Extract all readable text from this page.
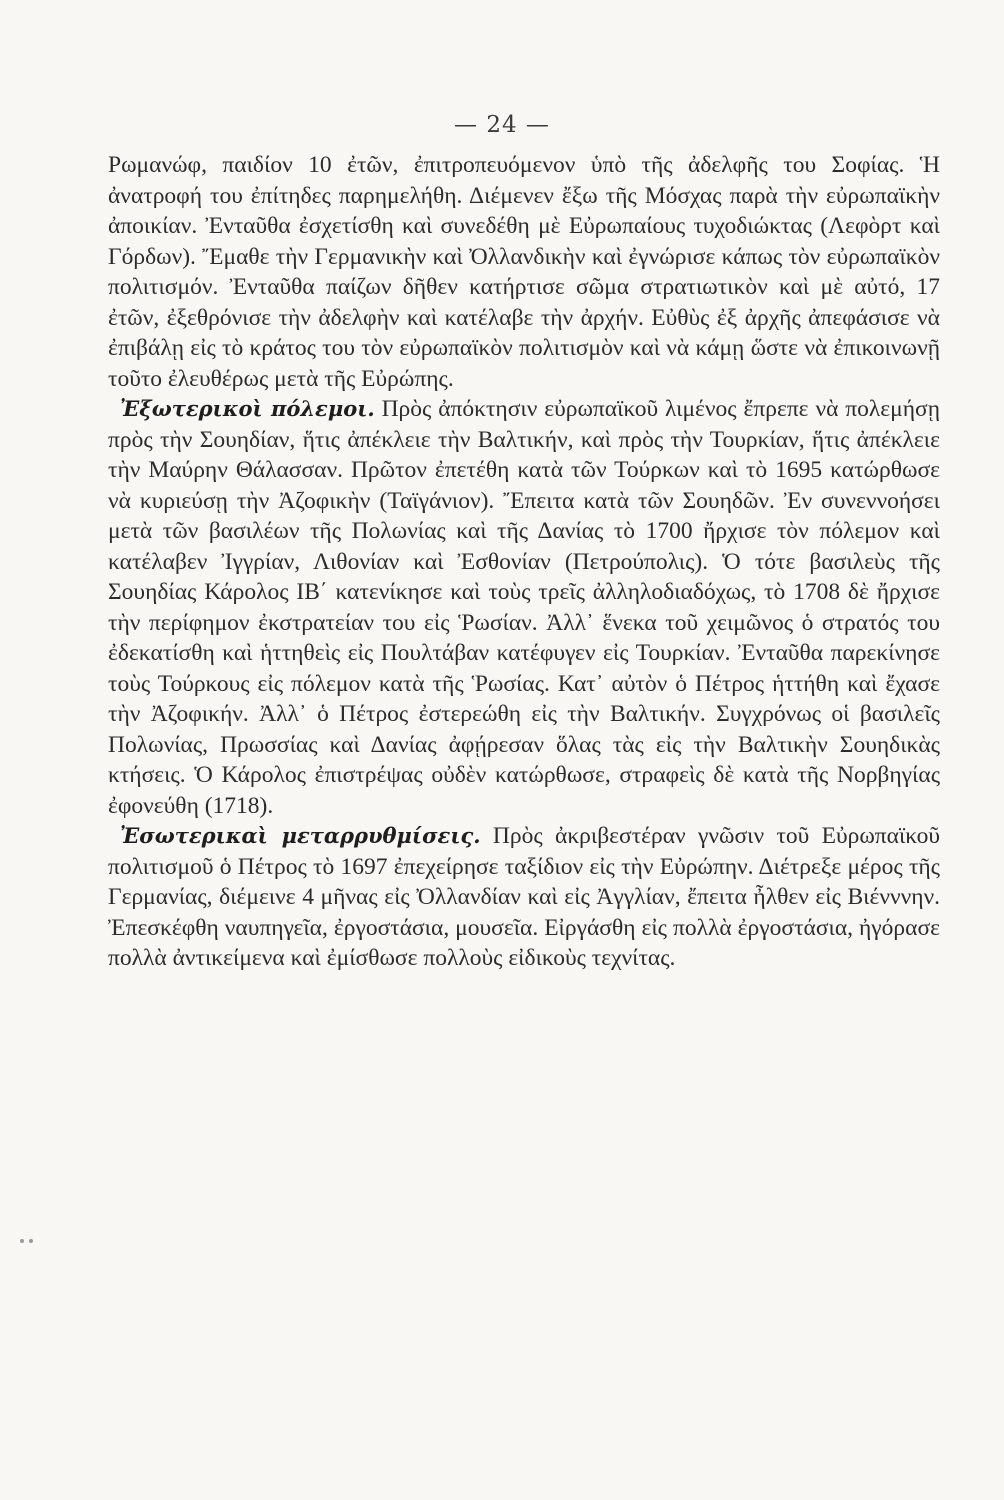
— 24 —

Ρωμανώφ, παιδίον 10 ἐτῶν, ἐπιτροπευόμενον ὑπὸ τῆς ἀδελφῆς του Σοφίας. Ἡ ἀνατροφή του ἐπίτηδες παρημελήθη. Διέμενεν ἔξω τῆς Μόσχας παρὰ τὴν εὐρωπαϊκὴν ἀποικίαν. Ἐνταῦθα ἐσχετίσθη καὶ συνεδέθη μὲ Εὐρωπαίους τυχοδιώκτας (Λεφὸρτ καὶ Γόρδων). Ἔμαθε τὴν Γερμανικὴν καὶ Ὀλλανδικὴν καὶ ἐγνώρισε κάπως τὸν εὐρωπαϊκὸν πολιτισμόν. Ἐνταῦθα παίζων δῆθεν κατήρτισε σῶμα στρατιωτικὸν καὶ μὲ αὐτό, 17 ἐτῶν, ἐξεθρόνισε τὴν ἀδελφὴν καὶ κατέλαβε τὴν ἀρχήν. Εὐθὺς ἐξ ἀρχῆς ἀπεφάσισε νὰ ἐπιβάλῃ εἰς τὸ κράτος του τὸν εὐρωπαϊκὸν πολιτισμὸν καὶ νὰ κάμῃ ὥστε νὰ ἐπικοινωνῇ τοῦτο ἐλευθέρως μετὰ τῆς Εὐρώπης.

Ἐξωτερικοὶ πόλεμοι. Πρὸς ἀπόκτησιν εὐρωπαϊκοῦ λιμένος ἔπρεπε νὰ πολεμήσῃ πρὸς τὴν Σουηδίαν, ἥτις ἀπέκλειε τὴν Βαλτικήν, καὶ πρὸς τὴν Τουρκίαν, ἥτις ἀπέκλειε τὴν Μαύρην Θάλασσαν. Πρῶτον ἐπετέθη κατὰ τῶν Τούρκων καὶ τὸ 1695 κατώρθωσε νὰ κυριεύσῃ τὴν Ἀζοφικὴν (Ταϊγάνιον). Ἔπειτα κατὰ τῶν Σουηδῶν. Ἐν συνεννοήσει μετὰ τῶν βασιλέων τῆς Πολωνίας καὶ τῆς Δανίας τὸ 1700 ἤρχισε τὸν πόλεμον καὶ κατέλαβεν Ἰγγρίαν, Λιθονίαν καὶ Ἐσθονίαν (Πετρούπολις). Ὁ τότε βασιλεὺς τῆς Σουηδίας Κάρολος ΙΒ΄ κατενίκησε καὶ τοὺς τρεῖς ἀλληλοδιαδόχως, τὸ 1708 δὲ ἤρχισε τὴν περίφημον ἐκστρατείαν του εἰς Ῥωσίαν. Ἀλλ᾽ ἕνεκα τοῦ χειμῶνος ὁ στρατός του ἐδεκατίσθη καὶ ἡττηθεὶς εἰς Πουλτάβαν κατέφυγεν εἰς Τουρκίαν. Ἐνταῦθα παρεκίνησε τοὺς Τούρκους εἰς πόλεμον κατὰ τῆς Ῥωσίας. Κατ᾽ αὐτὸν ὁ Πέτρος ἡττήθη καὶ ἔχασε τὴν Ἀζοφικήν. Ἀλλ᾽ ὁ Πέτρος ἐστερεώθη εἰς τὴν Βαλτικήν. Συγχρόνως οἱ βασιλεῖς Πολωνίας, Πρωσσίας καὶ Δανίας ἀφῄρεσαν ὅλας τὰς εἰς τὴν Βαλτικὴν Σουηδικὰς κτήσεις. Ὁ Κάρολος ἐπιστρέψας οὐδὲν κατώρθωσε, στραφεὶς δὲ κατὰ τῆς Νορβηγίας ἐφονεύθη (1718).

Ἐσωτερικαὶ μεταρρυθμίσεις. Πρὸς ἀκριβεστέραν γνῶσιν τοῦ Εὐρωπαϊκοῦ πολιτισμοῦ ὁ Πέτρος τὸ 1697 ἐπεχείρησε ταξίδιον εἰς τὴν Εὐρώπην. Διέτρεξε μέρος τῆς Γερμανίας, διέμεινε 4 μῆνας εἰς Ὀλλανδίαν καὶ εἰς Ἀγγλίαν, ἔπειτα ἦλθεν εἰς Βιένννην. Ἐπεσκέφθη ναυπηγεῖα, ἐργοστάσια, μουσεῖα. Εἰργάσθη εἰς πολλὰ ἐργοστάσια, ἠγόρασε πολλὰ ἀντικείμενα καὶ ἐμίσθωσε πολλοὺς εἰδικοὺς τεχνίτας.
